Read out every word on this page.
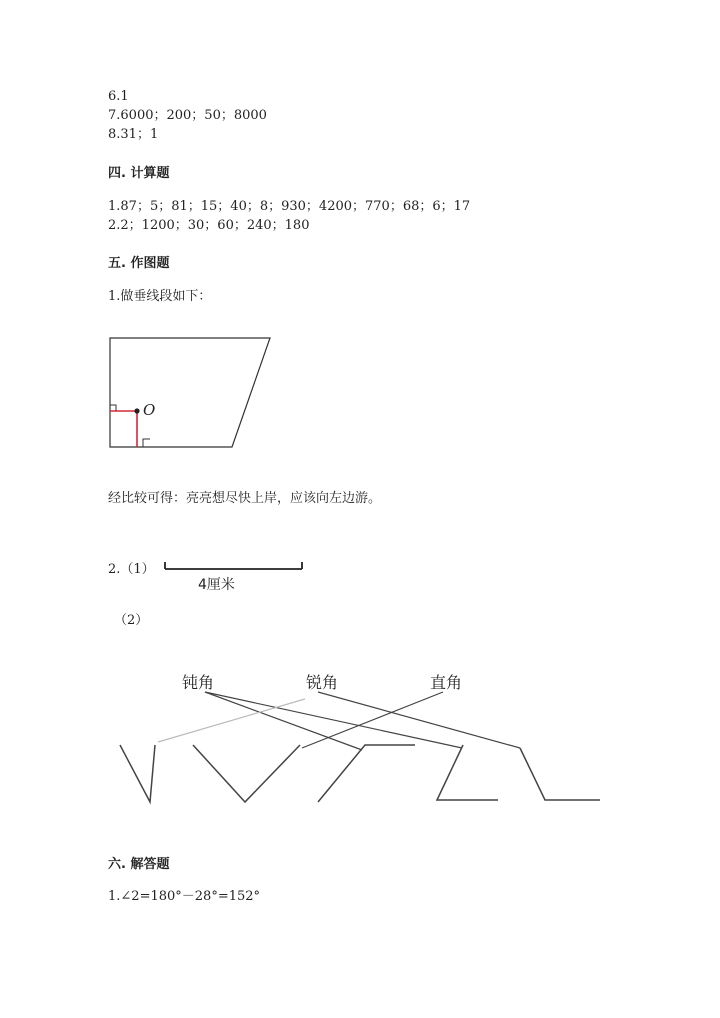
6.1
7.6000；200；50；8000
8.31；1
四. 计算题
1.87；5；81；15；40；8；930；4200；770；68；6；17
2.2；1200；30；60；240；180
五. 作图题
1.做垂线段如下：
O
经比较可得：亮亮想尽快上岸，应该向左边游。
2.（1）
4厘米
（2）
钝角	锐角	直角
六. 解答题
1.∠2=180°－28°=152°
